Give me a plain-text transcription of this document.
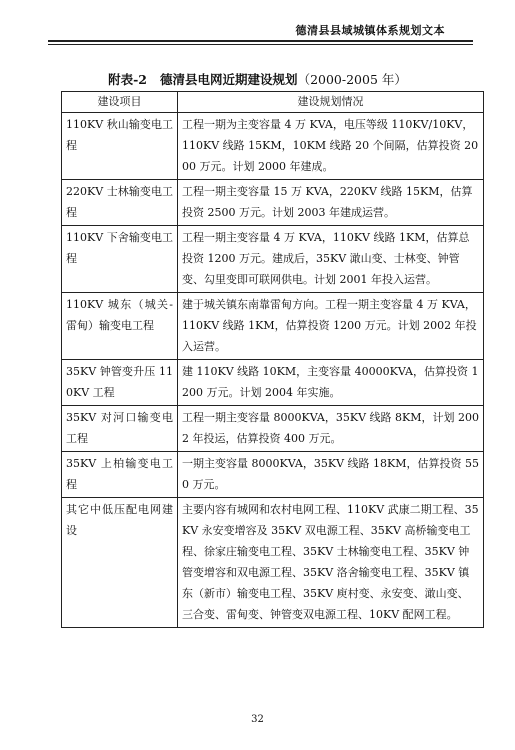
德清县县域城镇体系规划文本
附表-2 德清县电网近期建设规划（2000-2005 年）
建设项目	建设规划情况
110KV 秋山输变电工程	工程一期为主变容量 4 万 KVA，电压等级 110KV/10KV，110KV 线路 15KM，10KM 线路 20 个间隔，估算投资 2000 万元。计划 2000 年建成。
220KV 士林输变电工程	工程一期主变容量 15 万 KVA，220KV 线路 15KM，估算投资 2500 万元。计划 2003 年建成运营。
110KV 下舍输变电工程	工程一期主变容量 4 万 KVA，110KV 线路 1KM，估算总投资 1200 万元。建成后，35KV 澉山变、士林变、钟管变、勾里变即可联网供电。计划 2001 年投入运营。
110KV 城东（城关-雷甸）输变电工程	建于城关镇东南靠雷甸方向。工程一期主变容量 4 万 KVA，110KV 线路 1KM，估算投资 1200 万元。计划 2002 年投入运营。
35KV 钟管变升压 110KV 工程	建 110KV 线路 10KM，主变容量 40000KVA，估算投资 1200 万元。计划 2004 年实施。
35KV 对河口输变电工程	工程一期主变容量 8000KVA，35KV 线路 8KM，计划 2002 年投运，估算投资 400 万元。
35KV 上柏输变电工程	一期主变容量 8000KVA，35KV 线路 18KM，估算投资 550 万元。
其它中低压配电网建设	主要内容有城网和农村电网工程、110KV 武康二期工程、35KV 永安变增容及 35KV 双电源工程、35KV 高桥输变电工程、徐家庄输变电工程、35KV 士林输变电工程、35KV 钟管变增容和双电源工程、35KV 洛舍输变电工程、35KV 镇东（新市）输变电工程、35KV 庾村变、永安变、澉山变、三合变、雷甸变、钟管变双电源工程、10KV 配网工程。
32
